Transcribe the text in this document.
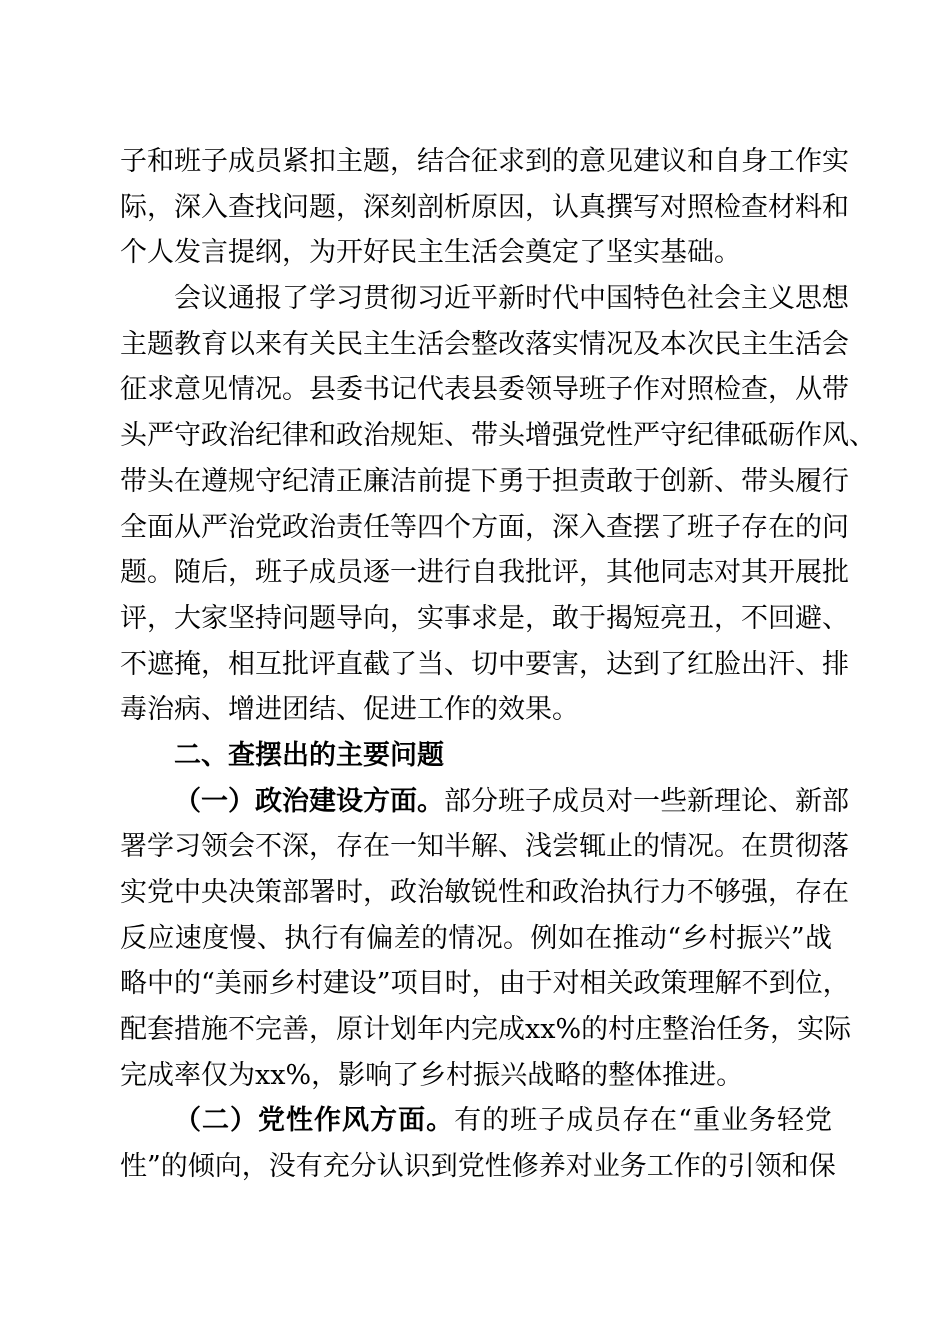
子和班子成员紧扣主题，结合征求到的意见建议和自身工作实
际，深入查找问题，深刻剖析原因，认真撰写对照检查材料和
个人发言提纲，为开好民主生活会奠定了坚实基础。
会议通报了学习贯彻习近平新时代中国特色社会主义思想
主题教育以来有关民主生活会整改落实情况及本次民主生活会
征求意见情况。县委书记代表县委领导班子作对照检查，从带
头严守政治纪律和政治规矩、带头增强党性严守纪律砥砺作风、
带头在遵规守纪清正廉洁前提下勇于担责敢于创新、带头履行
全面从严治党政治责任等四个方面，深入查摆了班子存在的问
题。随后，班子成员逐一进行自我批评，其他同志对其开展批
评，大家坚持问题导向，实事求是，敢于揭短亮丑，不回避、
不遮掩，相互批评直截了当、切中要害，达到了红脸出汗、排
毒治病、增进团结、促进工作的效果。
二、查摆出的主要问题
（一）政治建设方面。部分班子成员对一些新理论、新部
署学习领会不深，存在一知半解、浅尝辄止的情况。在贯彻落
实党中央决策部署时，政治敏锐性和政治执行力不够强，存在
反应速度慢、执行有偏差的情况。例如在推动“乡村振兴”战
略中的“美丽乡村建设”项目时，由于对相关政策理解不到位，
配套措施不完善，原计划年内完成xx%的村庄整治任务，实际
完成率仅为xx%，影响了乡村振兴战略的整体推进。
（二）党性作风方面。有的班子成员存在“重业务轻党
性”的倾向，没有充分认识到党性修养对业务工作的引领和保
